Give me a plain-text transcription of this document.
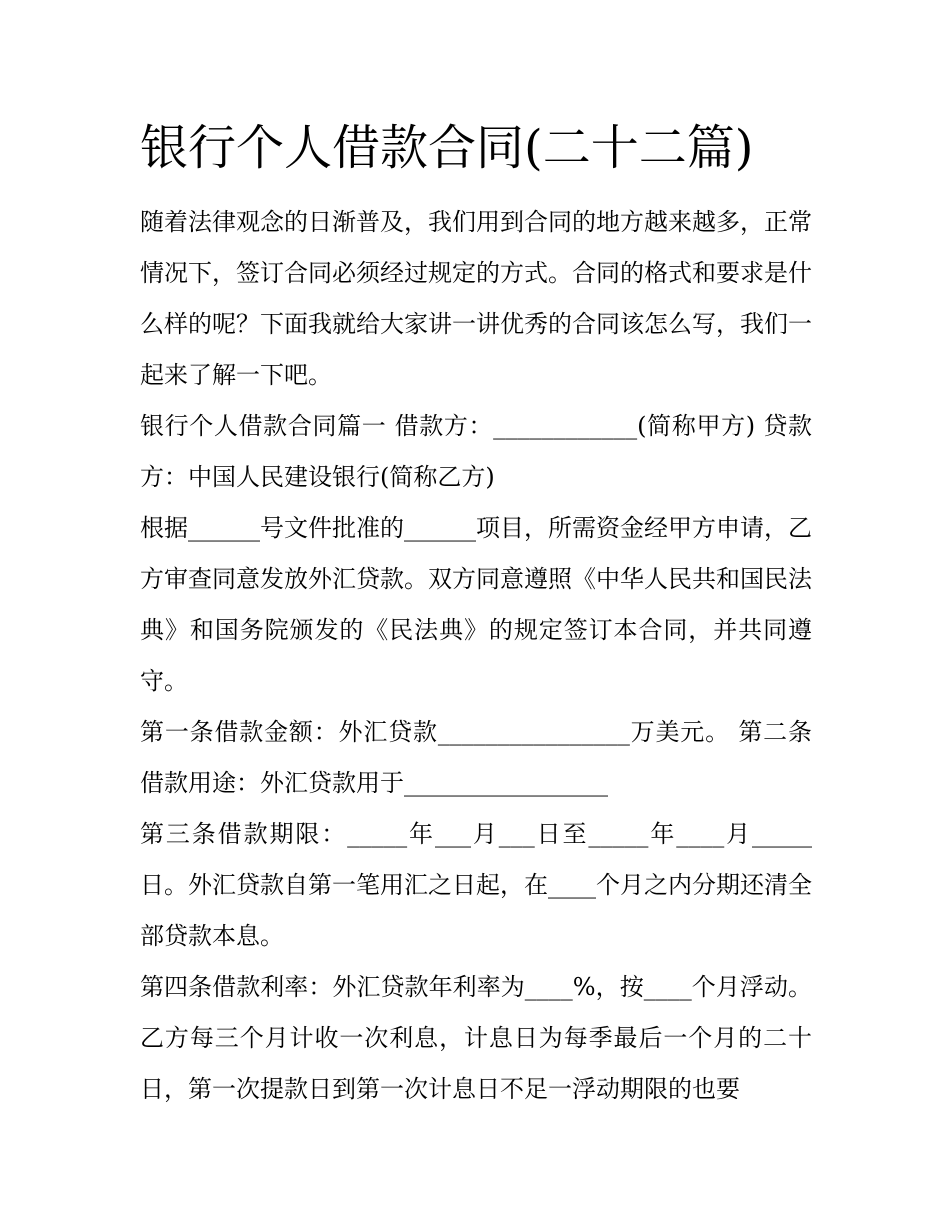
银行个人借款合同(二十二篇)

随着法律观念的日渐普及，我们用到合同的地方越来越多，正常情况下，签订合同必须经过规定的方式。合同的格式和要求是什么样的呢？下面我就给大家讲一讲优秀的合同该怎么写，我们一起来了解一下吧。

银行个人借款合同篇一 借款方：____________(简称甲方) 贷款方：中国人民建设银行(简称乙方)

根据______号文件批准的______项目，所需资金经甲方申请，乙方审查同意发放外汇贷款。双方同意遵照《中华人民共和国民法典》和国务院颁发的《民法典》的规定签订本合同，并共同遵守。

第一条借款金额：外汇贷款________________万美元。 第二条借款用途：外汇贷款用于_________________

第三条借款期限：_____年___月___日至_____年____月_____日。外汇贷款自第一笔用汇之日起，在____个月之内分期还清全部贷款本息。

第四条借款利率：外汇贷款年利率为____%，按____个月浮动。乙方每三个月计收一次利息，计息日为每季最后一个月的二十日，第一次提款日到第一次计息日不足一浮动期限的也要
